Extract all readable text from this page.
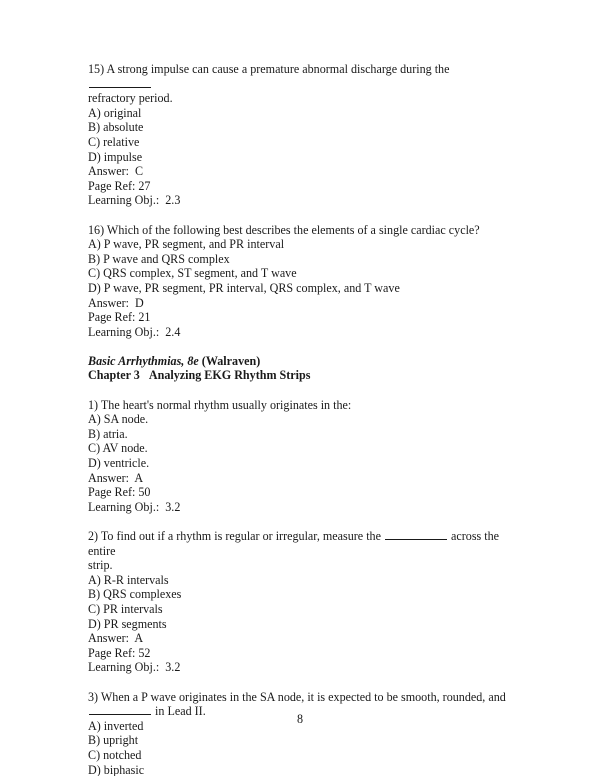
15) A strong impulse can cause a premature abnormal discharge during the
refractory period.
A) original
B) absolute
C) relative
D) impulse
Answer:  C
Page Ref: 27
Learning Obj.:  2.3
16) Which of the following best describes the elements of a single cardiac cycle?
A) P wave, PR segment, and PR interval
B) P wave and QRS complex
C) QRS complex, ST segment, and T wave
D) P wave, PR segment, PR interval, QRS complex, and T wave
Answer:  D
Page Ref: 21
Learning Obj.:  2.4
Basic Arrhythmias, 8e (Walraven)
Chapter 3 Analyzing EKG Rhythm Strips
1) The heart's normal rhythm usually originates in the:
A) SA node.
B) atria.
C) AV node.
D) ventricle.
Answer:  A
Page Ref: 50
Learning Obj.:  3.2
2) To find out if a rhythm is regular or irregular, measure the	across the entire
strip.
A) R-R intervals
B) QRS complexes
C) PR intervals
D) PR segments
Answer:  A
Page Ref: 52
Learning Obj.:  3.2
3) When a P wave originates in the SA node, it is expected to be smooth, rounded, and
in Lead II.
A) inverted
B) upright
C) notched
D) biphasic
8
